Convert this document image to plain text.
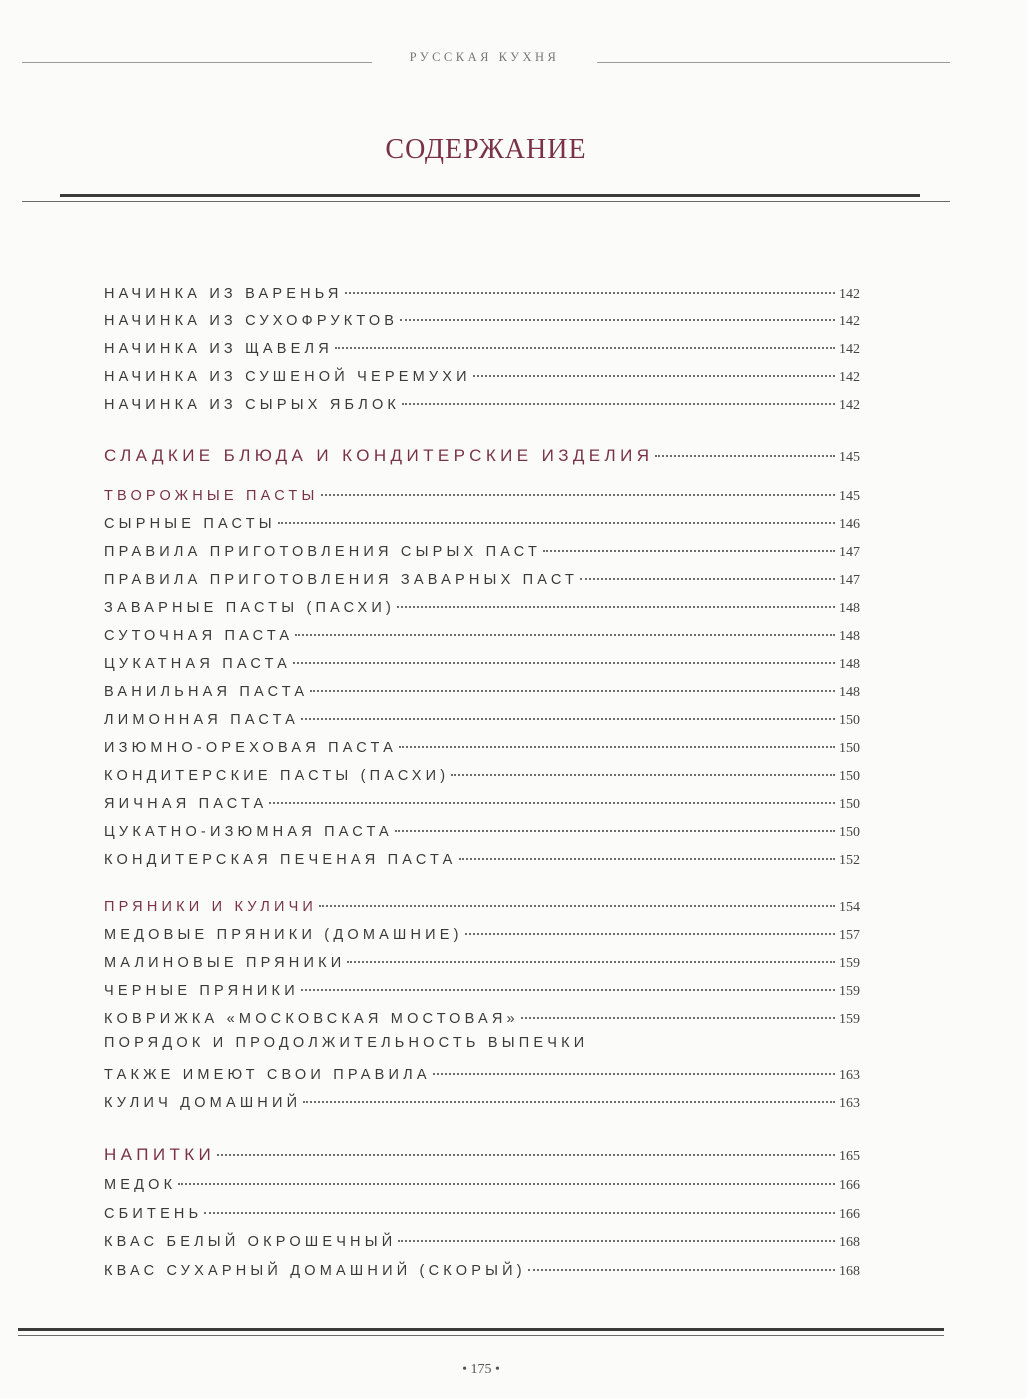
РУССКАЯ КУХНЯ
СОДЕРЖАНИЕ
НАЧИНКА ИЗ ВАРЕНЬЯ	142
НАЧИНКА ИЗ СУХОФРУКТОВ	142
НАЧИНКА ИЗ ЩАВЕЛЯ	142
НАЧИНКА ИЗ СУШЕНОЙ ЧЕРЕМУХИ	142
НАЧИНКА ИЗ СЫРЫХ ЯБЛОК	142
СЛАДКИЕ БЛЮДА И КОНДИТЕРСКИЕ ИЗДЕЛИЯ	145
ТВОРОЖНЫЕ ПАСТЫ	145
СЫРНЫЕ ПАСТЫ	146
ПРАВИЛА ПРИГОТОВЛЕНИЯ СЫРЫХ ПАСТ	147
ПРАВИЛА ПРИГОТОВЛЕНИЯ ЗАВАРНЫХ ПАСТ	147
ЗАВАРНЫЕ ПАСТЫ (ПАСХИ)	148
СУТОЧНАЯ ПАСТА	148
ЦУКАТНАЯ ПАСТА	148
ВАНИЛЬНАЯ ПАСТА	148
ЛИМОННАЯ ПАСТА	150
ИЗЮМНО-ОРЕХОВАЯ ПАСТА	150
КОНДИТЕРСКИЕ ПАСТЫ (ПАСХИ)	150
ЯИЧНАЯ ПАСТА	150
ЦУКАТНО-ИЗЮМНАЯ ПАСТА	150
КОНДИТЕРСКАЯ ПЕЧЕНАЯ ПАСТА	152
ПРЯНИКИ И КУЛИЧИ	154
МЕДОВЫЕ ПРЯНИКИ (ДОМАШНИЕ)	157
МАЛИНОВЫЕ ПРЯНИКИ	159
ЧЕРНЫЕ ПРЯНИКИ	159
КОВРИЖКА «МОСКОВСКАЯ МОСТОВАЯ»	159
ПОРЯДОК И ПРОДОЛЖИТЕЛЬНОСТЬ ВЫПЕЧКИ
ТАКЖЕ ИМЕЮТ СВОИ ПРАВИЛА	163
КУЛИЧ ДОМАШНИЙ	163
НАПИТКИ	165
МЕДОК	166
СБИТЕНЬ	166
КВАС БЕЛЫЙ ОКРОШЕЧНЫЙ	168
КВАС СУХАРНЫЙ ДОМАШНИЙ (СКОРЫЙ)	168
• 175 •
